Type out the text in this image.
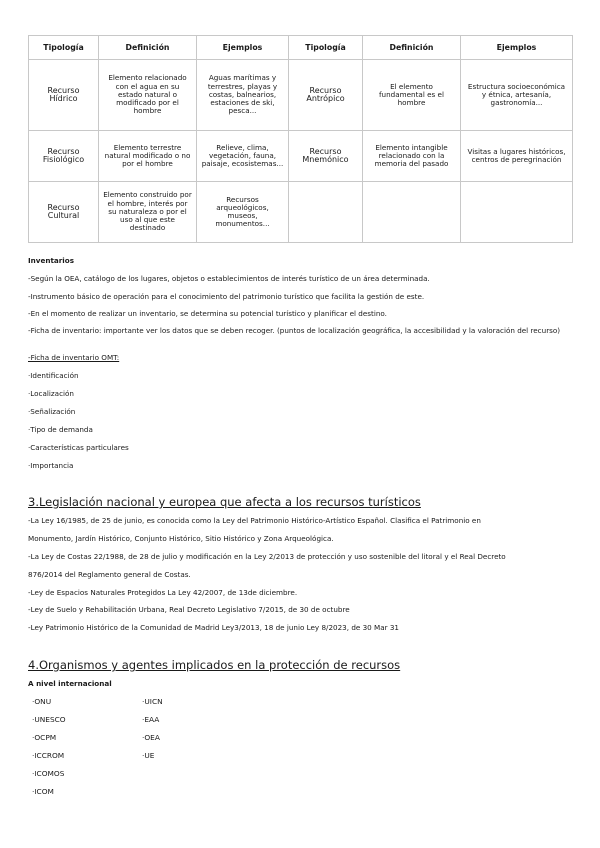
Tipología	Definición	Ejemplos	Tipología	Definición	Ejemplos
Recurso Hídrico	Elemento relacionado con el agua en su estado natural o modificado por el hombre	Aguas marítimas y terrestres, playas y costas, balnearios, estaciones de ski, pesca...	Recurso Antrópico	El elemento fundamental es el hombre	Estructura socioeconómica y étnica, artesanía, gastronomía...
Recurso Fisiológico	Elemento terrestre natural modificado o no por el hombre	Relieve, clima, vegetación, fauna, paisaje, ecosistemas...	Recurso Mnemónico	Elemento intangible relacionado con la memoria del pasado	Visitas a lugares históricos, centros de peregrinación
Recurso Cultural	Elemento construido por el hombre, interés por su naturaleza o por el uso al que este destinado	Recursos arqueológicos, museos, monumentos...			
Inventarios
-Según la OEA, catálogo de los lugares, objetos o establecimientos de interés turístico de un área determinada.
-Instrumento básico de operación para el conocimiento del patrimonio turístico que facilita la gestión de este.
-En el momento de realizar un inventario, se determina su potencial turístico y planificar el destino.
-Ficha de inventario: importante ver los datos que se deben recoger. (puntos de localización geográfica, la accesibilidad y la valoración del recurso)
-Ficha de inventario OMT:
·Identificación
·Localización
·Señalización
·Tipo de demanda
·Características particulares
·Importancia
3.Legislación nacional y europea que afecta a los recursos turísticos
-La Ley 16/1985, de 25 de junio, es conocida como la Ley del Patrimonio Histórico-Artístico Español. Clasifica el Patrimonio en
Monumento, Jardín Histórico, Conjunto Histórico, Sitio Histórico y Zona Arqueológica.
-La Ley de Costas 22/1988, de 28 de julio y modificación en la Ley 2/2013 de protección y uso sostenible del litoral y el Real Decreto
876/2014 del Reglamento general de Costas.
-Ley de Espacios Naturales Protegidos La Ley 42/2007, de 13de diciembre.
-Ley de Suelo y Rehabilitación Urbana, Real Decreto Legislativo 7/2015, de 30 de octubre
-Ley Patrimonio Histórico de la Comunidad de Madrid Ley3/2013, 18 de junio Ley 8/2023, de 30 Mar 31
4.Organismos y agentes implicados en la protección de recursos
A nivel internacional
·ONU
·UNESCO
·OCPM
·ICCROM
·ICOMOS
·ICOM
·UICN
·EAA
·OEA
·UE
